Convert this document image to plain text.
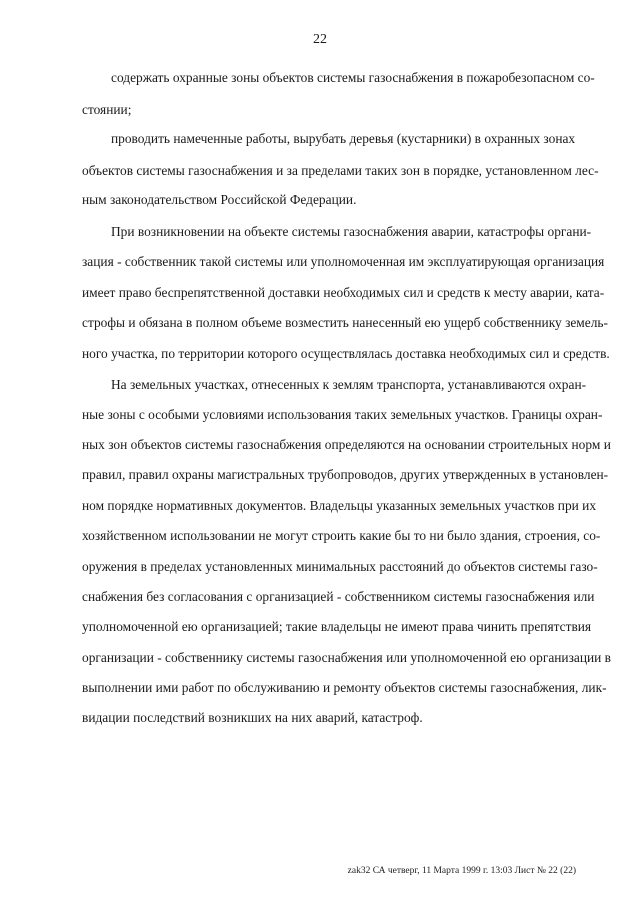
22
содержать охранные зоны объектов системы газоснабжения в пожаробезопасном со-
стоянии;
проводить намеченные работы, вырубать деревья (кустарники) в охранных зонах
объектов системы газоснабжения и за пределами таких зон в порядке, установленном лес-
ным законодательством Российской Федерации.
При возникновении на объекте системы газоснабжения аварии, катастрофы органи-
зация - собственник такой системы или уполномоченная им эксплуатирующая организация
имеет право беспрепятственной доставки необходимых сил и средств к месту аварии, ката-
строфы и обязана в полном объеме возместить нанесенный ею ущерб собственнику земель-
ного участка, по территории которого осуществлялась доставка необходимых сил и средств.
На земельных участках, отнесенных к землям транспорта, устанавливаются охран-
ные зоны с особыми условиями использования таких земельных участков. Границы охран-
ных зон объектов системы газоснабжения определяются на основании строительных норм и
правил, правил охраны магистральных трубопроводов, других утвержденных в установлен-
ном порядке нормативных документов. Владельцы указанных земельных участков при их
хозяйственном использовании не могут строить какие бы то ни было здания, строения, со-
оружения в пределах установленных минимальных расстояний до объектов системы газо-
снабжения без согласования с организацией - собственником системы газоснабжения или
уполномоченной ею организацией; такие владельцы не имеют права чинить препятствия
организации - собственнику системы газоснабжения или уполномоченной ею организации в
выполнении ими работ по обслуживанию и ремонту объектов системы газоснабжения, лик-
видации последствий возникших на них аварий, катастроф.
zak32 СА четверг, 11 Марта 1999 г. 13:03 Лист № 22 (22)
